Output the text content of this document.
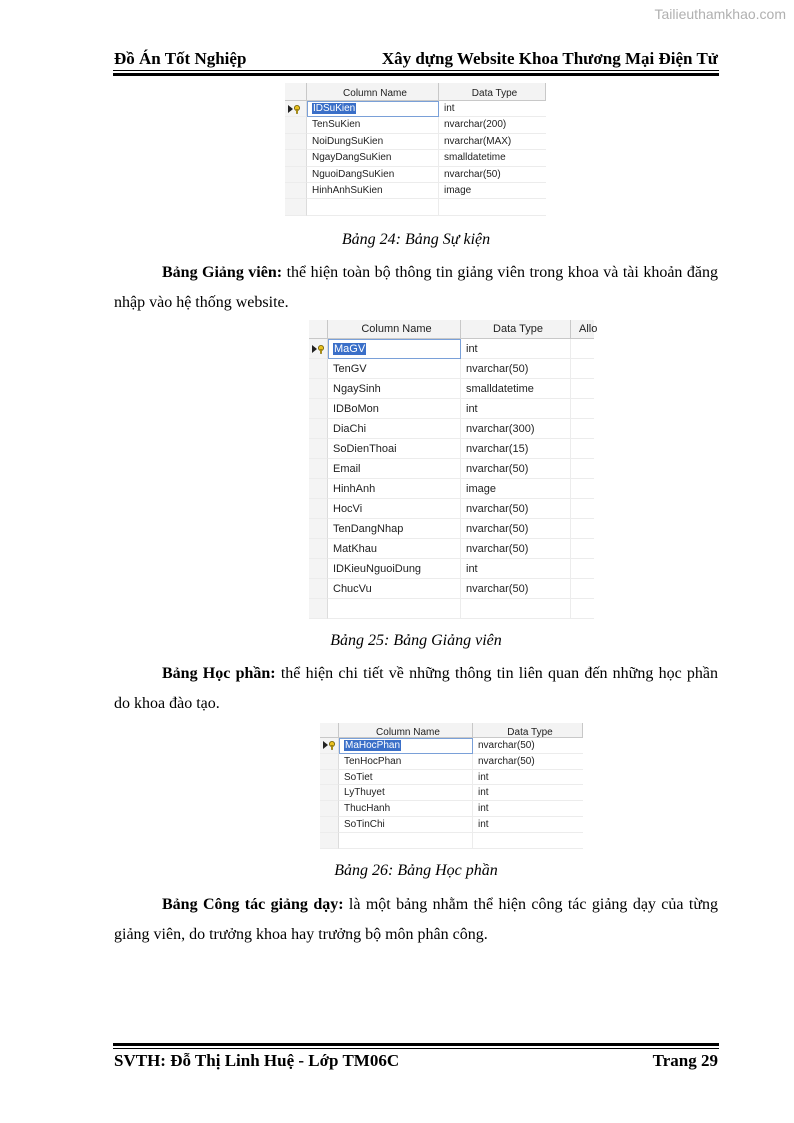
Tailieuthamkhao.com
Đồ Án Tốt Nghiệp	Xây dựng Website Khoa Thương Mại Điện Tử
Column Name	Data Type
IDSuKien	int
TenSuKien	nvarchar(200)
NoiDungSuKien	nvarchar(MAX)
NgayDangSuKien	smalldatetime
NguoiDangSuKien	nvarchar(50)
HinhAnhSuKien	image
Bảng 24: Bảng Sự kiện

Bảng Giảng viên: thể hiện toàn bộ thông tin giảng viên trong khoa và tài khoản đăng nhập vào hệ thống website.

Column Name	Data Type	Allo
MaGV	int
TenGV	nvarchar(50)
NgaySinh	smalldatetime
IDBoMon	int
DiaChi	nvarchar(300)
SoDienThoai	nvarchar(15)
Email	nvarchar(50)
HinhAnh	image
HocVi	nvarchar(50)
TenDangNhap	nvarchar(50)
MatKhau	nvarchar(50)
IDKieuNguoiDung	int
ChucVu	nvarchar(50)
Bảng 25: Bảng Giảng viên

Bảng Học phần: thể hiện chi tiết về những thông tin liên quan đến những học phần do khoa đào tạo.

Column Name	Data Type
MaHocPhan	nvarchar(50)
TenHocPhan	nvarchar(50)
SoTiet	int
LyThuyet	int
ThucHanh	int
SoTinChi	int
Bảng 26: Bảng Học phần

Bảng Công tác giảng dạy: là một bảng nhằm thể hiện công tác giảng dạy của từng giảng viên, do trưởng khoa hay trưởng bộ môn phân công.

SVTH: Đỗ Thị Linh Huệ - Lớp TM06C	Trang 29
